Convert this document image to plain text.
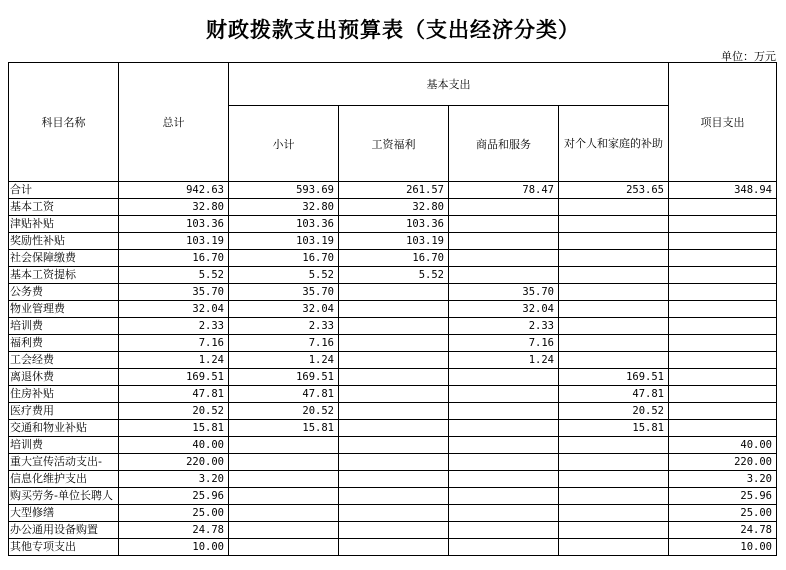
财政拨款支出预算表（支出经济分类）
单位：万元
科目名称	总计	基本支出				项目支出
		小计	工资福利	商品和服务	对个人和家庭的补助	
合计	942.63	593.69	261.57	78.47	253.65	348.94
基本工资	32.80	32.80	32.80			
津贴补贴	103.36	103.36	103.36			
奖励性补贴	103.19	103.19	103.19			
社会保障缴费	16.70	16.70	16.70			
基本工资提标	5.52	5.52	5.52			
公务费	35.70	35.70		35.70		
物业管理费	32.04	32.04		32.04		
培训费	2.33	2.33		2.33		
福利费	7.16	7.16		7.16		
工会经费	1.24	1.24		1.24		
离退休费	169.51	169.51			169.51	
住房补贴	47.81	47.81			47.81	
医疗费用	20.52	20.52			20.52	
交通和物业补贴	15.81	15.81			15.81	
培训费	40.00					40.00
重大宣传活动支出-	220.00					220.00
信息化维护支出	3.20					3.20
购买劳务-单位长聘人	25.96					25.96
大型修缮	25.00					25.00
办公通用设备购置	24.78					24.78
其他专项支出	10.00					10.00
